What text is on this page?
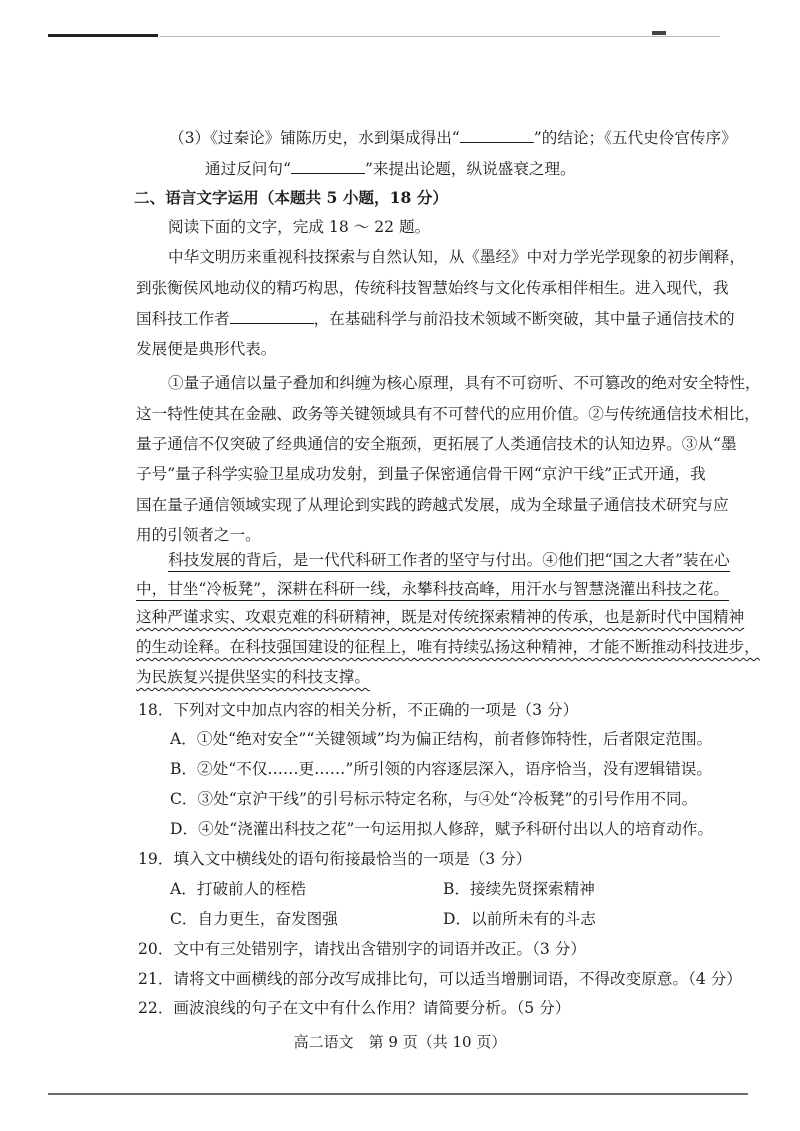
（3）《过秦论》铺陈历史，水到渠成得出“	”的结论；《五代史伶官传序》
通过反问句“	”来提出论题，纵说盛衰之理。
二、语言文字运用（本题共 5 小题，18 分）
阅读下面的文字，完成 18 ～ 22 题。
中华文明历来重视科技探索与自然认知，从《墨经》中对力学光学现象的初步阐释，
到张衡侯风地动仪的精巧构思，传统科技智慧始终与文化传承相伴相生。进入现代，我
国科技工作者	，在基础科学与前沿技术领域不断突破，其中量子通信技术的
发展便是典形代表。
①量子通信以量子叠加和纠缠为核心原理，具有不可窃听、不可篡改的绝对安全特性，
这一特性使其在金融、政务等关键领域具有不可替代的应用价值。②与传统通信技术相比，
量子通信不仅突破了经典通信的安全瓶颈，更拓展了人类通信技术的认知边界。③从“墨
子号”量子科学实验卫星成功发射，到量子保密通信骨干网“京沪干线”正式开通，我
国在量子通信领域实现了从理论到实践的跨越式发展，成为全球量子通信技术研究与应
用的引领者之一。
科技发展的背后，是一代代科研工作者的坚守与付出。④他们把“国之大者”装在心
中，甘坐“冷板凳”，深耕在科研一线，永攀科技高峰，用汗水与智慧浇灌出科技之花。
这种严谨求实、攻艰克难的科研精神，既是对传统探索精神的传承，也是新时代中国精神
的生动诠释。在科技强国建设的征程上，唯有持续弘扬这种精神，才能不断推动科技进步，
为民族复兴提供坚实的科技支撑。
18．下列对文中加点内容的相关分析，不正确的一项是（3 分）
A．①处“绝对安全”“关键领域”均为偏正结构，前者修饰特性，后者限定范围。
B．②处“不仅……更……”所引领的内容逐层深入，语序恰当，没有逻辑错误。
C．③处“京沪干线”的引号标示特定名称，与④处“冷板凳”的引号作用不同。
D．④处“浇灌出科技之花”一句运用拟人修辞，赋予科研付出以人的培育动作。
19．填入文中横线处的语句衔接最恰当的一项是（3 分）
A．打破前人的桎梏	B．接续先贤探索精神
C．自力更生，奋发图强	D．以前所未有的斗志
20．文中有三处错别字，请找出含错别字的词语并改正。（3 分）
21．请将文中画横线的部分改写成排比句，可以适当增删词语，不得改变原意。（4 分）
22．画波浪线的句子在文中有什么作用？请简要分析。（5 分）
高二语文　第 9 页（共 10 页）
